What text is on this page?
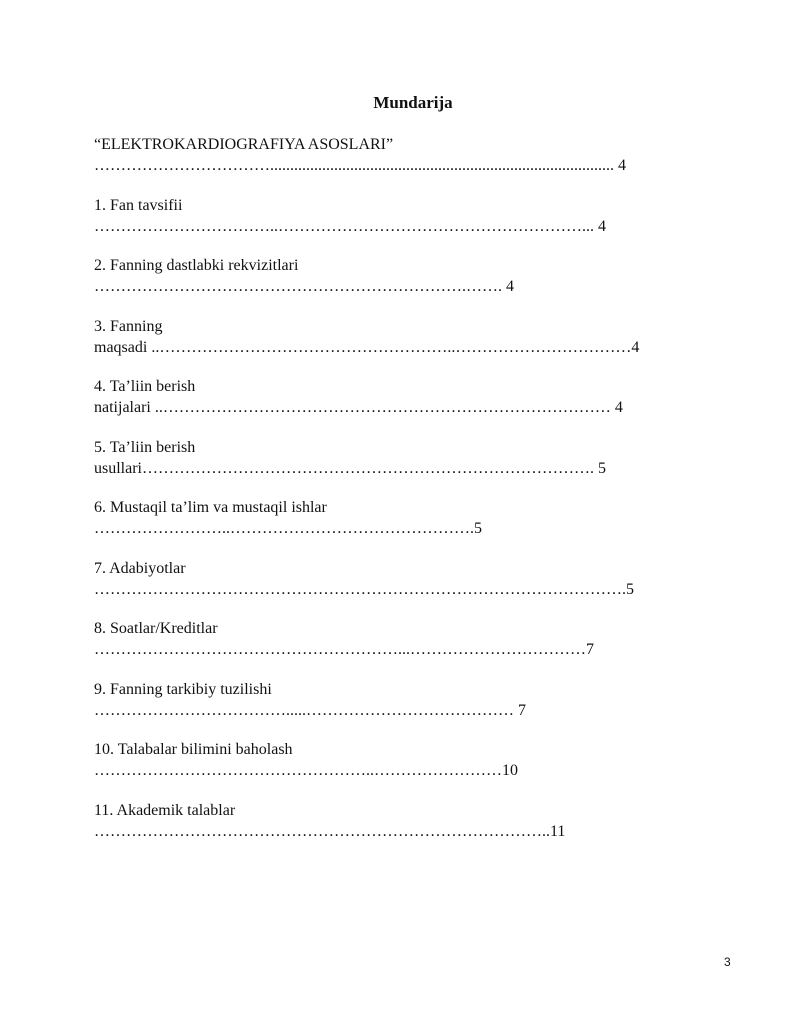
Mundarija
“ELEKTROKARDIOGRAFIYA ASOSLARI”
……………………………...................................................................................... 4
1. Fan tavsifii
……………………………..…………………………………………………... 4
2. Fanning dastlabki rekvizitlari
…………………………………………………………….……. 4
3. Fanning
maqsadi ..………………………………………………..……………………………4
4. Ta’liin berish
natijalari ..………………………………………………………………………… 4
5. Ta’liin berish
usullari…………………………………………………………………………. 5
6. Mustaqil ta’lim va mustaqil ishlar
……………………..……………………………………….5
7. Adabiyotlar
……………………………………………………………………………………….5
8. Soatlar/Kreditlar
…………………………………………………...……………………………7
9. Fanning tarkibiy tuzilishi
……………………………….....………………………………… 7
10. Talabalar bilimini baholash
……………………………………………..……………………10
11. Akademik talablar
…………………………………………………………………………..11
3
